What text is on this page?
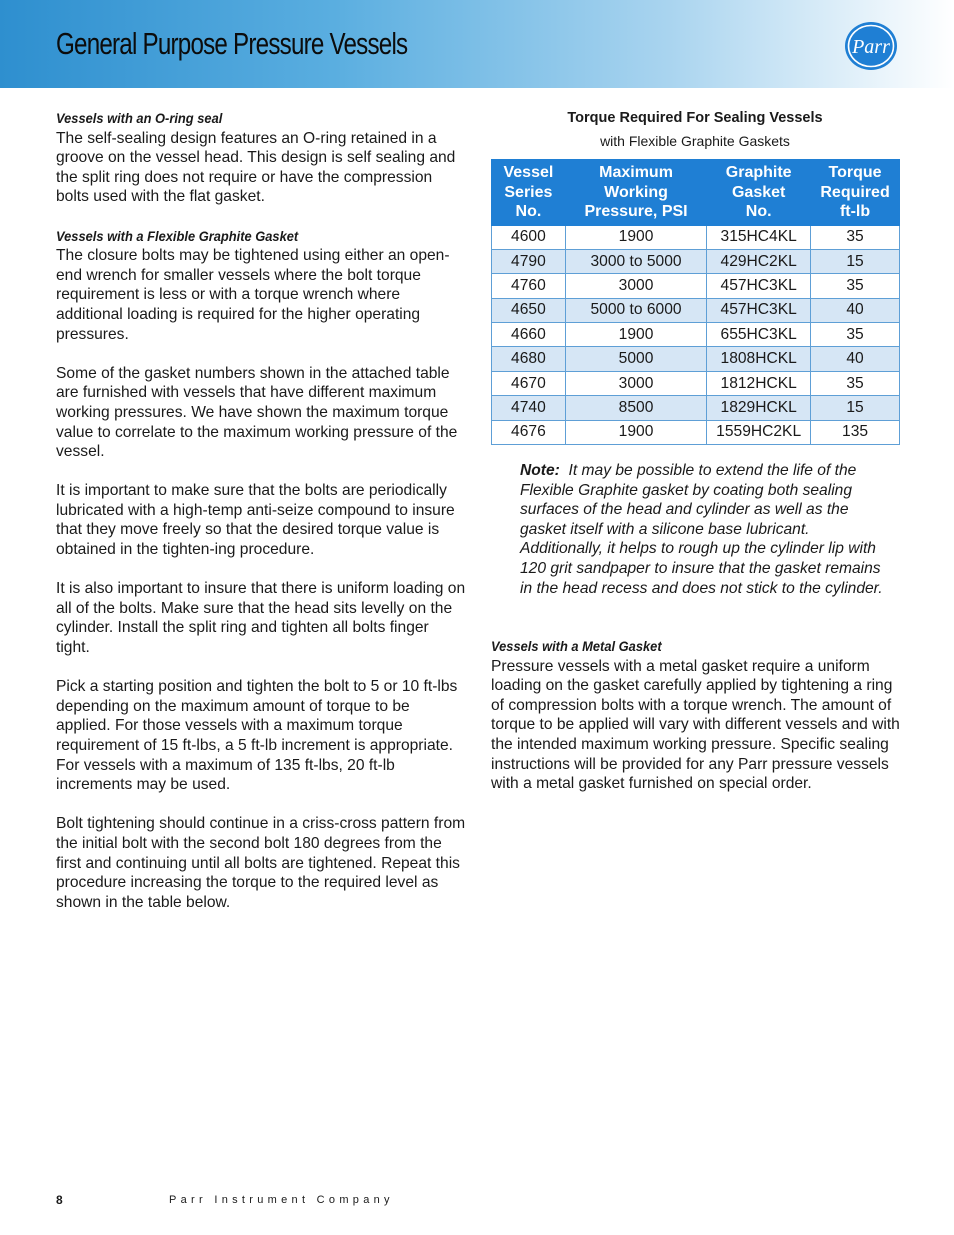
General Purpose Pressure Vessels	Parr
Vessels with an O-ring seal

The self-sealing design features an O-ring retained in a groove on the vessel head. This design is self sealing and the split ring does not require or have the compression bolts used with the flat gasket.

Vessels with a Flexible Graphite Gasket

The closure bolts may be tightened using either an open-end wrench for smaller vessels where the bolt torque requirement is less or with a torque wrench where additional loading is required for the higher operating pressures.

Some of the gasket numbers shown in the attached table are furnished with vessels that have different maximum working pressures. We have shown the maximum torque value to correlate to the maximum working pressure of the vessel.

It is important to make sure that the bolts are periodically lubricated with a high-temp anti-seize compound to insure that they move freely so that the desired torque value is obtained in the tighten-ing procedure.

It is also important to insure that there is uniform loading on all of the bolts. Make sure that the head sits levelly on the cylinder. Install the split ring and tighten all bolts finger tight.

Pick a starting position and tighten the bolt to 5 or 10 ft-lbs depending on the maximum amount of torque to be applied. For those vessels with a maximum torque requirement of 15 ft-lbs, a 5 ft-lb increment is appropriate. For vessels with a maximum of 135 ft-lbs, 20 ft-lb increments may be used.

Bolt tightening should continue in a criss-cross pattern from the initial bolt with the second bolt 180 degrees from the first and continuing until all bolts are tightened. Repeat this procedure increasing the torque to the required level as shown in the table below.

Torque Required For Sealing Vessels
with Flexible Graphite Gaskets
Vessel
Series
No.	Maximum
Working
Pressure, PSI	Graphite
Gasket
No.	Torque
Required
ft-lb
4600	1900	315HC4KL	35
4790	3000 to 5000	429HC2KL	15
4760	3000	457HC3KL	35
4650	5000 to 6000	457HC3KL	40
4660	1900	655HC3KL	35
4680	5000	1808HCKL	40
4670	3000	1812HCKL	35
4740	8500	1829HCKL	15
4676	1900	1559HC2KL	135

Note: It may be possible to extend the life of the Flexible Graphite gasket by coating both sealing surfaces of the head and cylinder as well as the gasket itself with a silicone base lubricant. Additionally, it helps to rough up the cylinder lip with 120 grit sandpaper to insure that the gasket remains in the head recess and does not stick to the cylinder.

Vessels with a Metal Gasket

Pressure vessels with a metal gasket require a uniform loading on the gasket carefully applied by tightening a ring of compression bolts with a torque wrench. The amount of torque to be applied will vary with different vessels and with the intended maximum working pressure. Specific sealing instructions will be provided for any Parr pressure vessels with a metal gasket furnished on special order.

8	Parr Instrument Company
